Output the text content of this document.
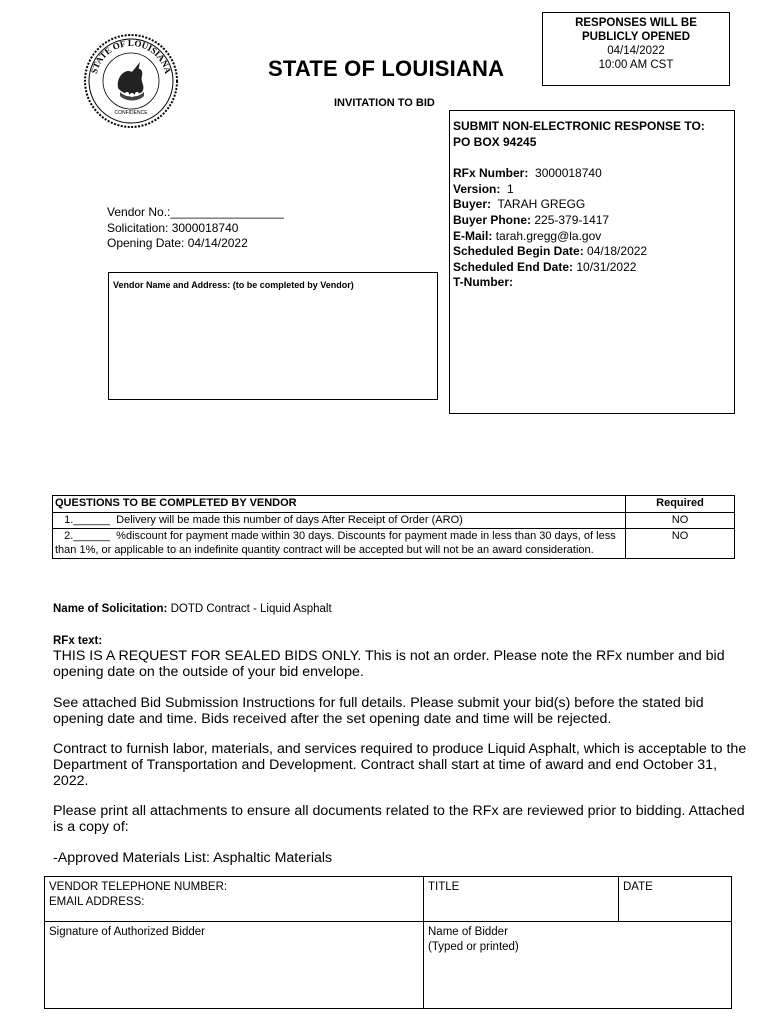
STATE OF LOUISIANA
CONFIDENCE
STATE OF LOUISIANA
RESPONSES WILL BE
PUBLICLY OPENED
04/14/2022
10:00 AM CST
INVITATION TO BID
SUBMIT NON-ELECTRONIC RESPONSE TO:
PO BOX 94245
RFx Number: 3000018740
Version: 1
Buyer: TARAH GREGG
Buyer Phone: 225-379-1417
E-Mail: tarah.gregg@la.gov
Scheduled Begin Date: 04/18/2022
Scheduled End Date: 10/31/2022
T-Number:
Vendor No.:_________________
Solicitation: 3000018740
Opening Date: 04/14/2022
Vendor Name and Address: (to be completed by Vendor)
QUESTIONS TO BE COMPLETED BY VENDOR	Required
1.______  Delivery will be made this number of days After Receipt of Order (ARO)	NO
2.______  %discount for payment made within 30 days. Discounts for payment made in less than 30 days, of less than 1%, or applicable to an indefinite quantity contract will be accepted but will not be an award consideration.	NO
Name of Solicitation: DOTD Contract - Liquid Asphalt
RFx text:
THIS IS A REQUEST FOR SEALED BIDS ONLY. This is not an order. Please note the RFx number and bid opening date on the outside of your bid envelope.
See attached Bid Submission Instructions for full details. Please submit your bid(s) before the stated bid opening date and time. Bids received after the set opening date and time will be rejected.
Contract to furnish labor, materials, and services required to produce Liquid Asphalt, which is acceptable to the Department of Transportation and Development. Contract shall start at time of award and end October 31, 2022.
Please print all attachments to ensure all documents related to the RFx are reviewed prior to bidding. Attached is a copy of:
-Approved Materials List: Asphaltic Materials
VENDOR TELEPHONE NUMBER:
EMAIL ADDRESS:	TITLE	DATE
Signature of Authorized Bidder	Name of Bidder
(Typed or printed)	
